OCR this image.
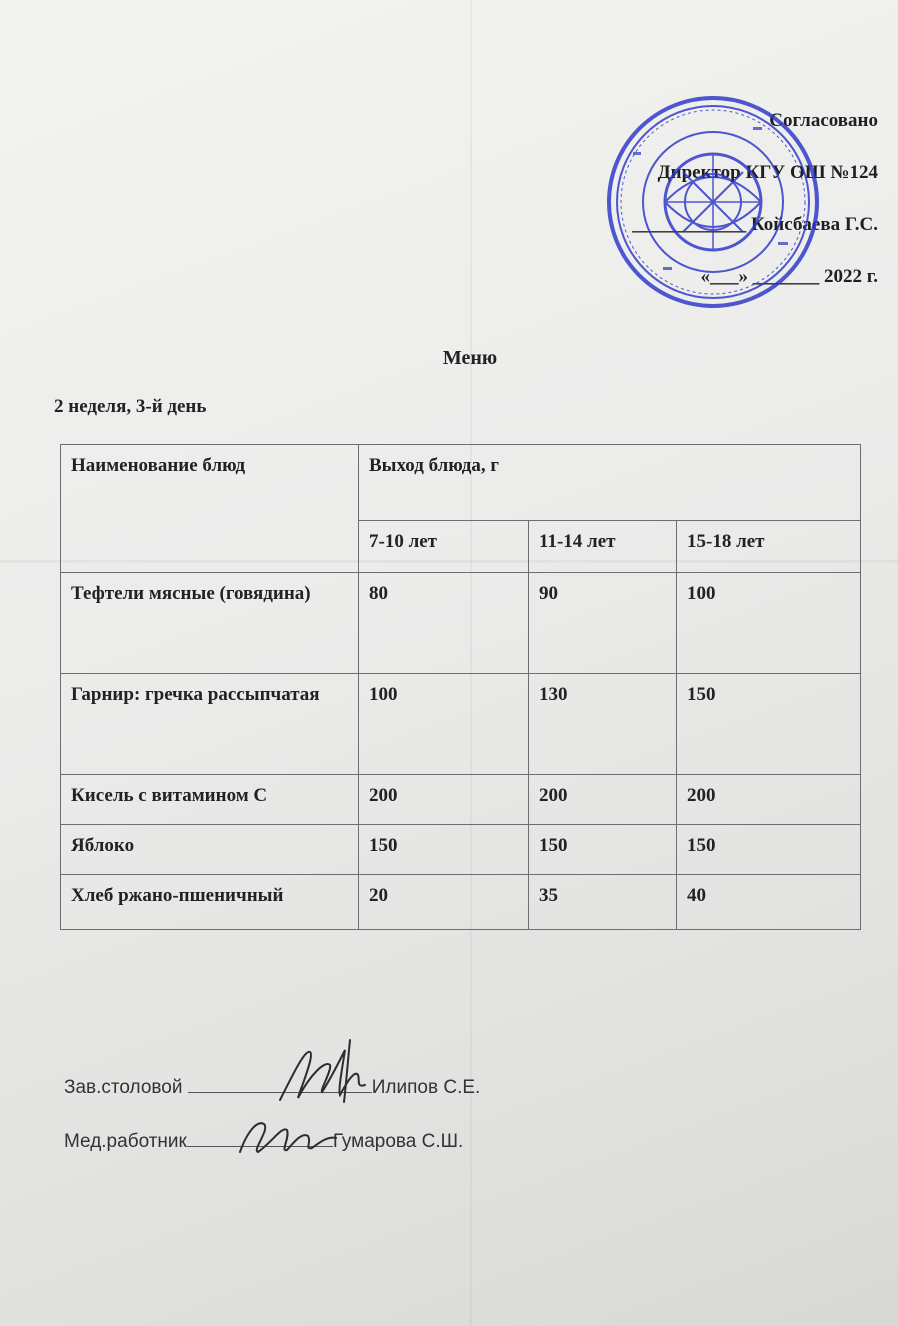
Согласовано
Директор КГУ ОШ №124
____________ Койсбаева Г.С.
«___» _______ 2022 г.
Меню
2 неделя, 3-й день
Наименование блюд	Выход блюда, г		
	7-10 лет	11-14 лет	15-18 лет
Тефтели мясные (говядина)	80	90	100
Гарнир: гречка рассыпчатая	100	130	150
Кисель с витамином С	200	200	200
Яблоко	150	150	150
Хлеб ржано-пшеничный	20	35	40
Зав.столовой	Илипов С.Е.
Мед.работник	Гумарова С.Ш.
